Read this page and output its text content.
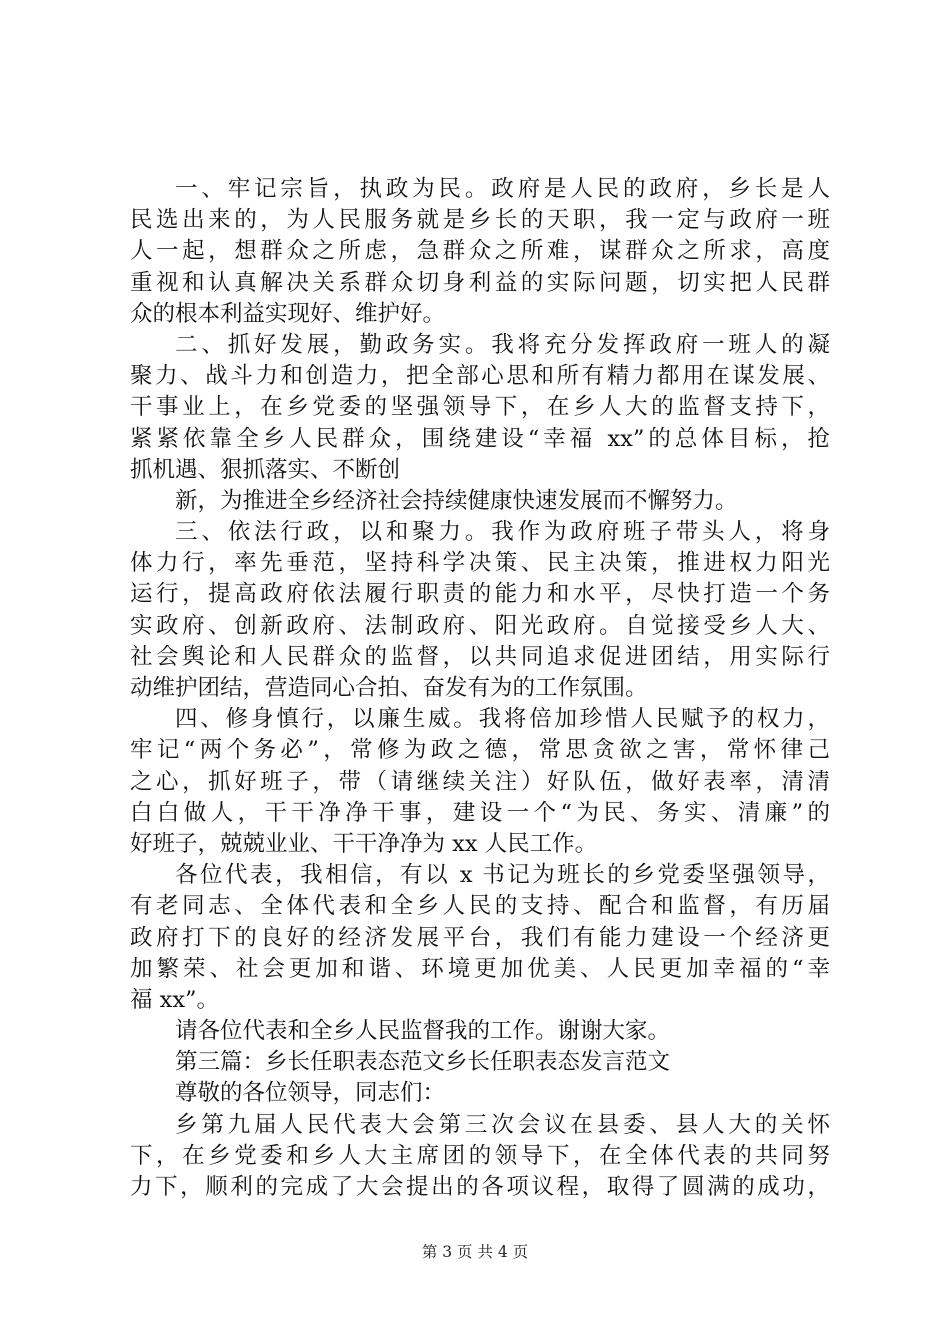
一、牢记宗旨，执政为民。政府是人民的政府，乡长是人
民选出来的，为人民服务就是乡长的天职，我一定与政府一班
人一起，想群众之所虑，急群众之所难，谋群众之所求，高度
重视和认真解决关系群众切身利益的实际问题，切实把人民群
众的根本利益实现好、维护好。
二、抓好发展，勤政务实。我将充分发挥政府一班人的凝
聚力、战斗力和创造力，把全部心思和所有精力都用在谋发展、
干事业上，在乡党委的坚强领导下，在乡人大的监督支持下，
紧紧依靠全乡人民群众，围绕建设“幸福 xx”的总体目标，抢
抓机遇、狠抓落实、不断创
新，为推进全乡经济社会持续健康快速发展而不懈努力。
三、依法行政，以和聚力。我作为政府班子带头人，将身
体力行，率先垂范，坚持科学决策、民主决策，推进权力阳光
运行，提高政府依法履行职责的能力和水平，尽快打造一个务
实政府、创新政府、法制政府、阳光政府。自觉接受乡人大、
社会舆论和人民群众的监督，以共同追求促进团结，用实际行
动维护团结，营造同心合拍、奋发有为的工作氛围。
四、修身慎行，以廉生威。我将倍加珍惜人民赋予的权力，
牢记“两个务必”，常修为政之德，常思贪欲之害，常怀律己
之心，抓好班子，带（请继续关注）好队伍，做好表率，清清
白白做人，干干净净干事，建设一个“为民、务实、清廉”的
好班子，兢兢业业、干干净净为 xx 人民工作。
各位代表，我相信，有以 x 书记为班长的乡党委坚强领导，
有老同志、全体代表和全乡人民的支持、配合和监督，有历届
政府打下的良好的经济发展平台，我们有能力建设一个经济更
加繁荣、社会更加和谐、环境更加优美、人民更加幸福的“幸
福 xx”。
请各位代表和全乡人民监督我的工作。谢谢大家。
第三篇：乡长任职表态范文乡长任职表态发言范文
尊敬的各位领导，同志们：
乡第九届人民代表大会第三次会议在县委、县人大的关怀
下，在乡党委和乡人大主席团的领导下，在全体代表的共同努
力下，顺利的完成了大会提出的各项议程，取得了圆满的成功，
第 3 页 共 4 页
